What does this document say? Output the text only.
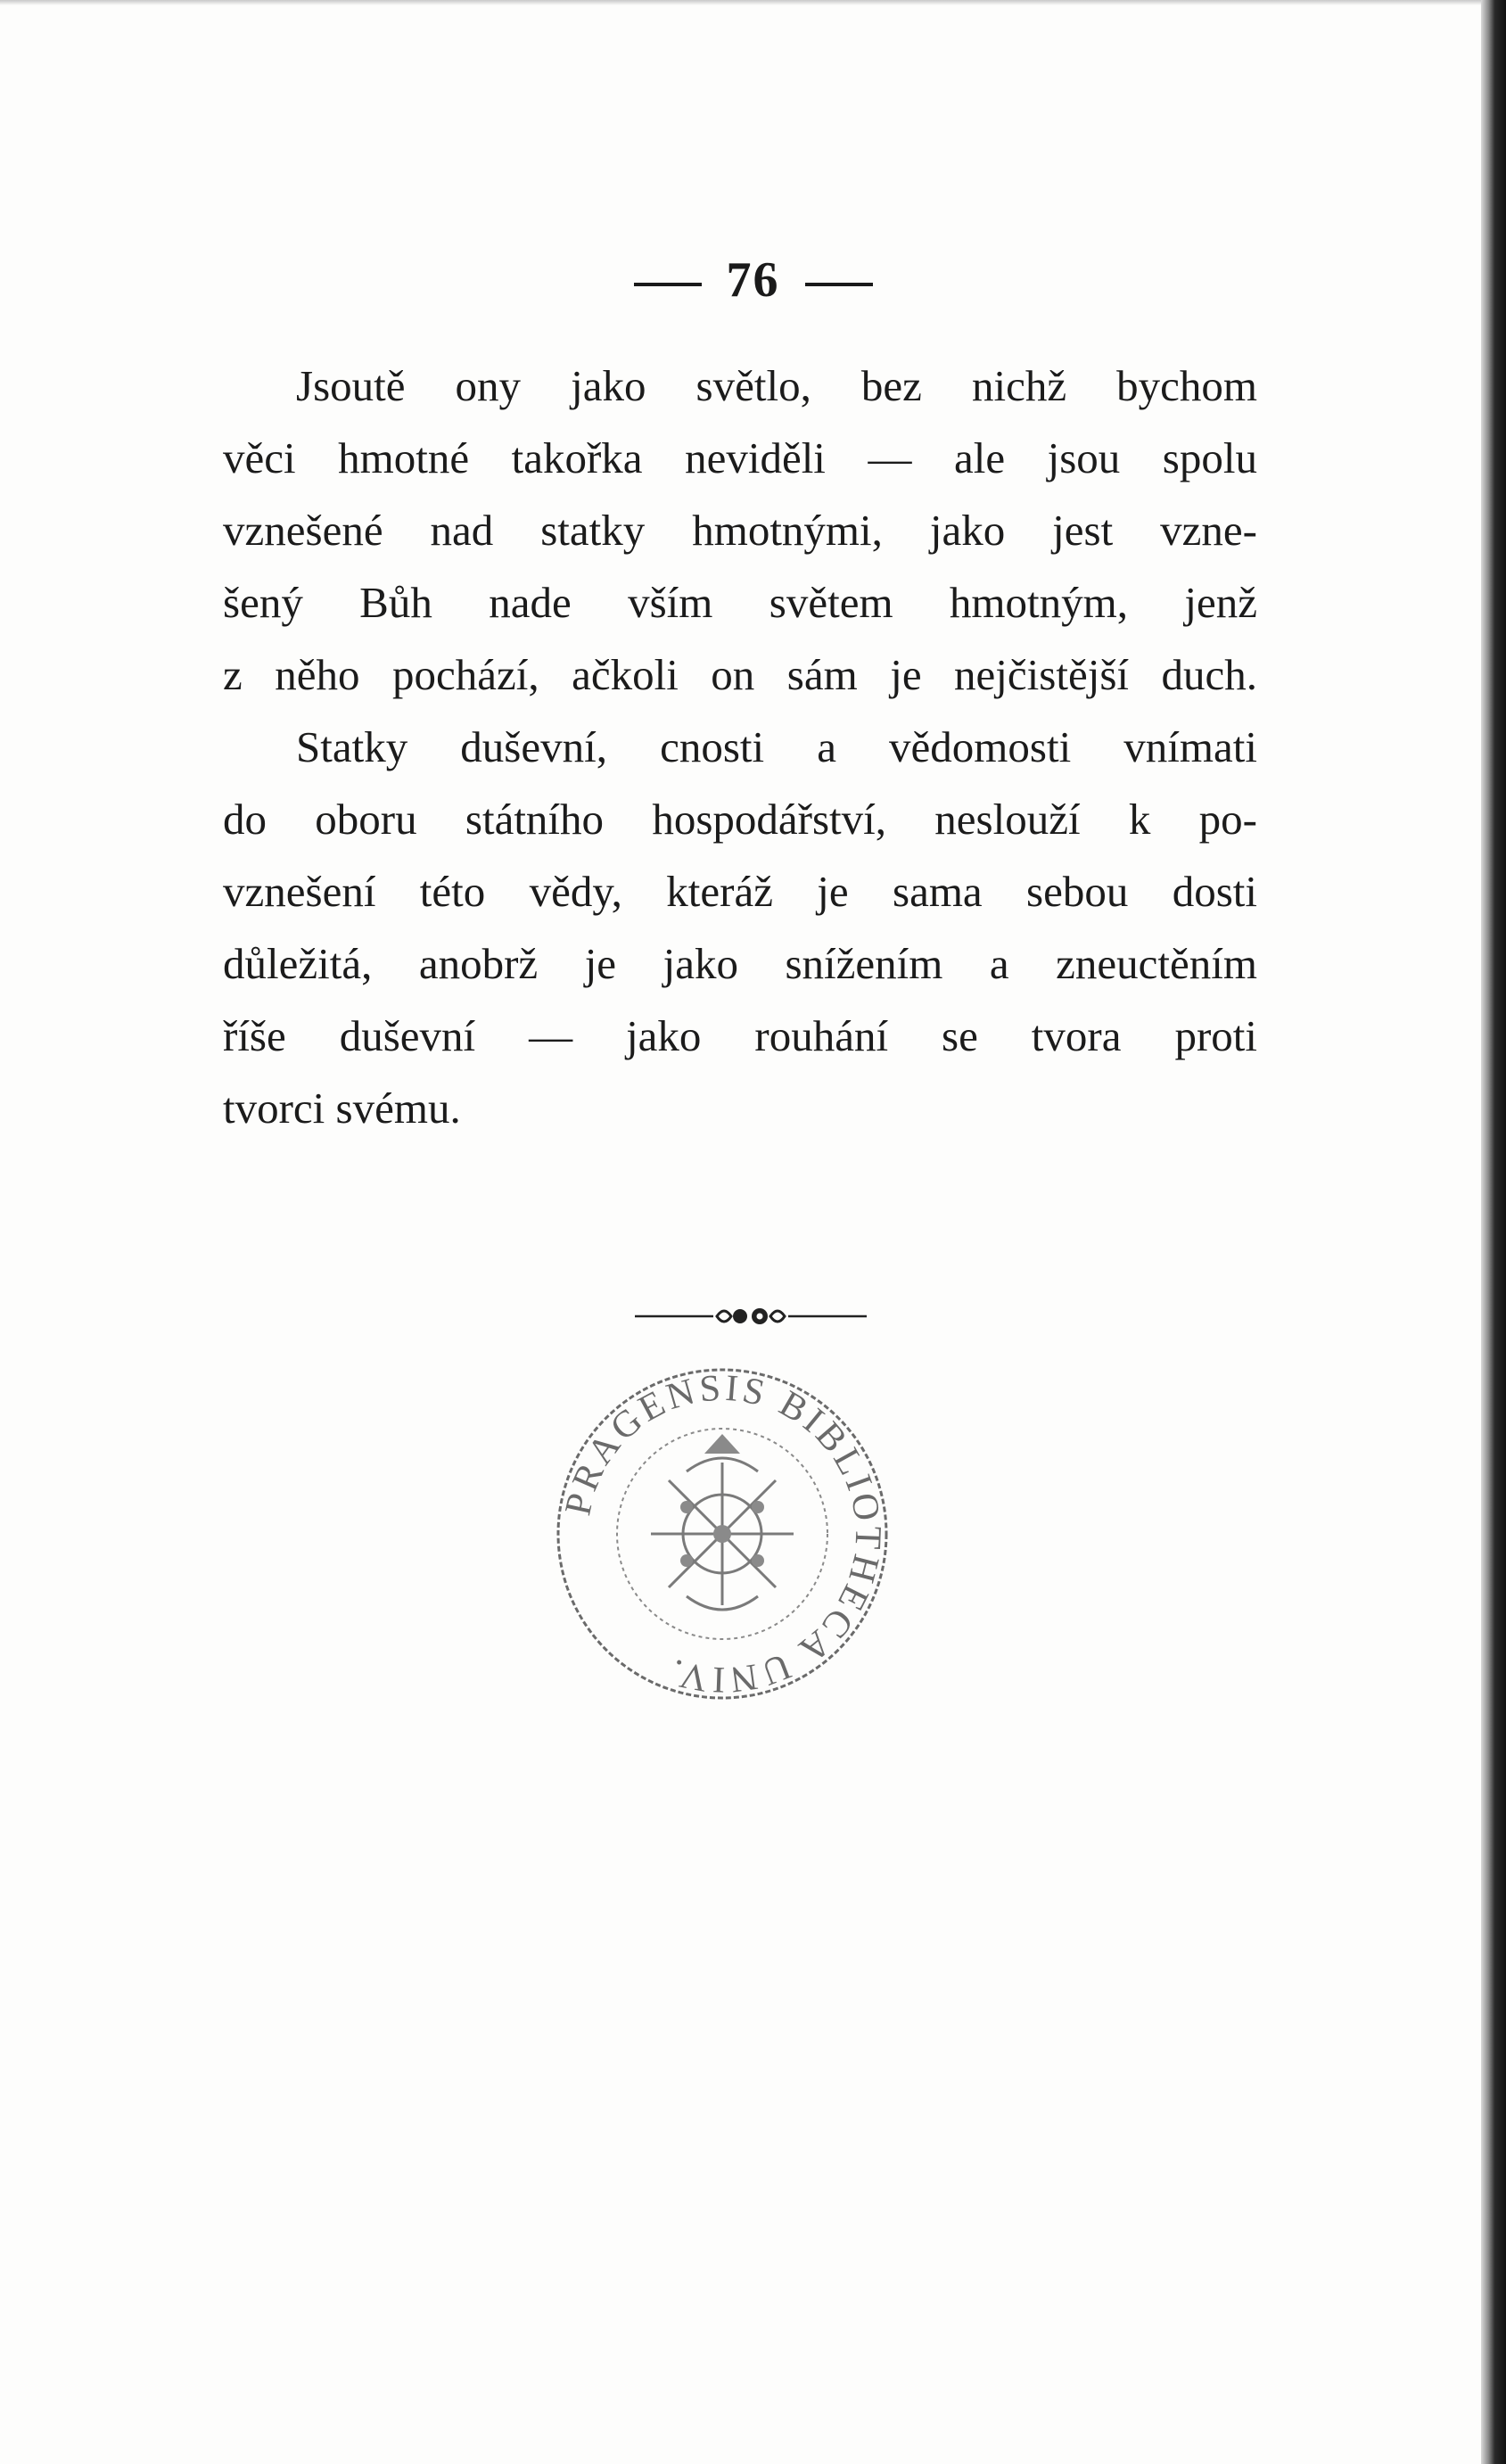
76
Jsoutě ony jako světlo, bez nichž bychom
věci hmotné takořka neviděli — ale jsou spolu
vznešené nad statky hmotnými, jako jest vzne-
šený Bůh nade vším světem hmotným, jenž
z něho pochází, ačkoli on sám je nejčistější duch.
Statky duševní, cnosti a vědomosti vnímati
do oboru státního hospodářství, neslouží k po-
vznešení této vědy, kteráž je sama sebou dosti
důležitá, anobrž je jako snížením a zneuctěním
říše duševní — jako rouhání se tvora proti
tvorci svému.
PRAGENSIS BIBLIOTHECA UNIV.
